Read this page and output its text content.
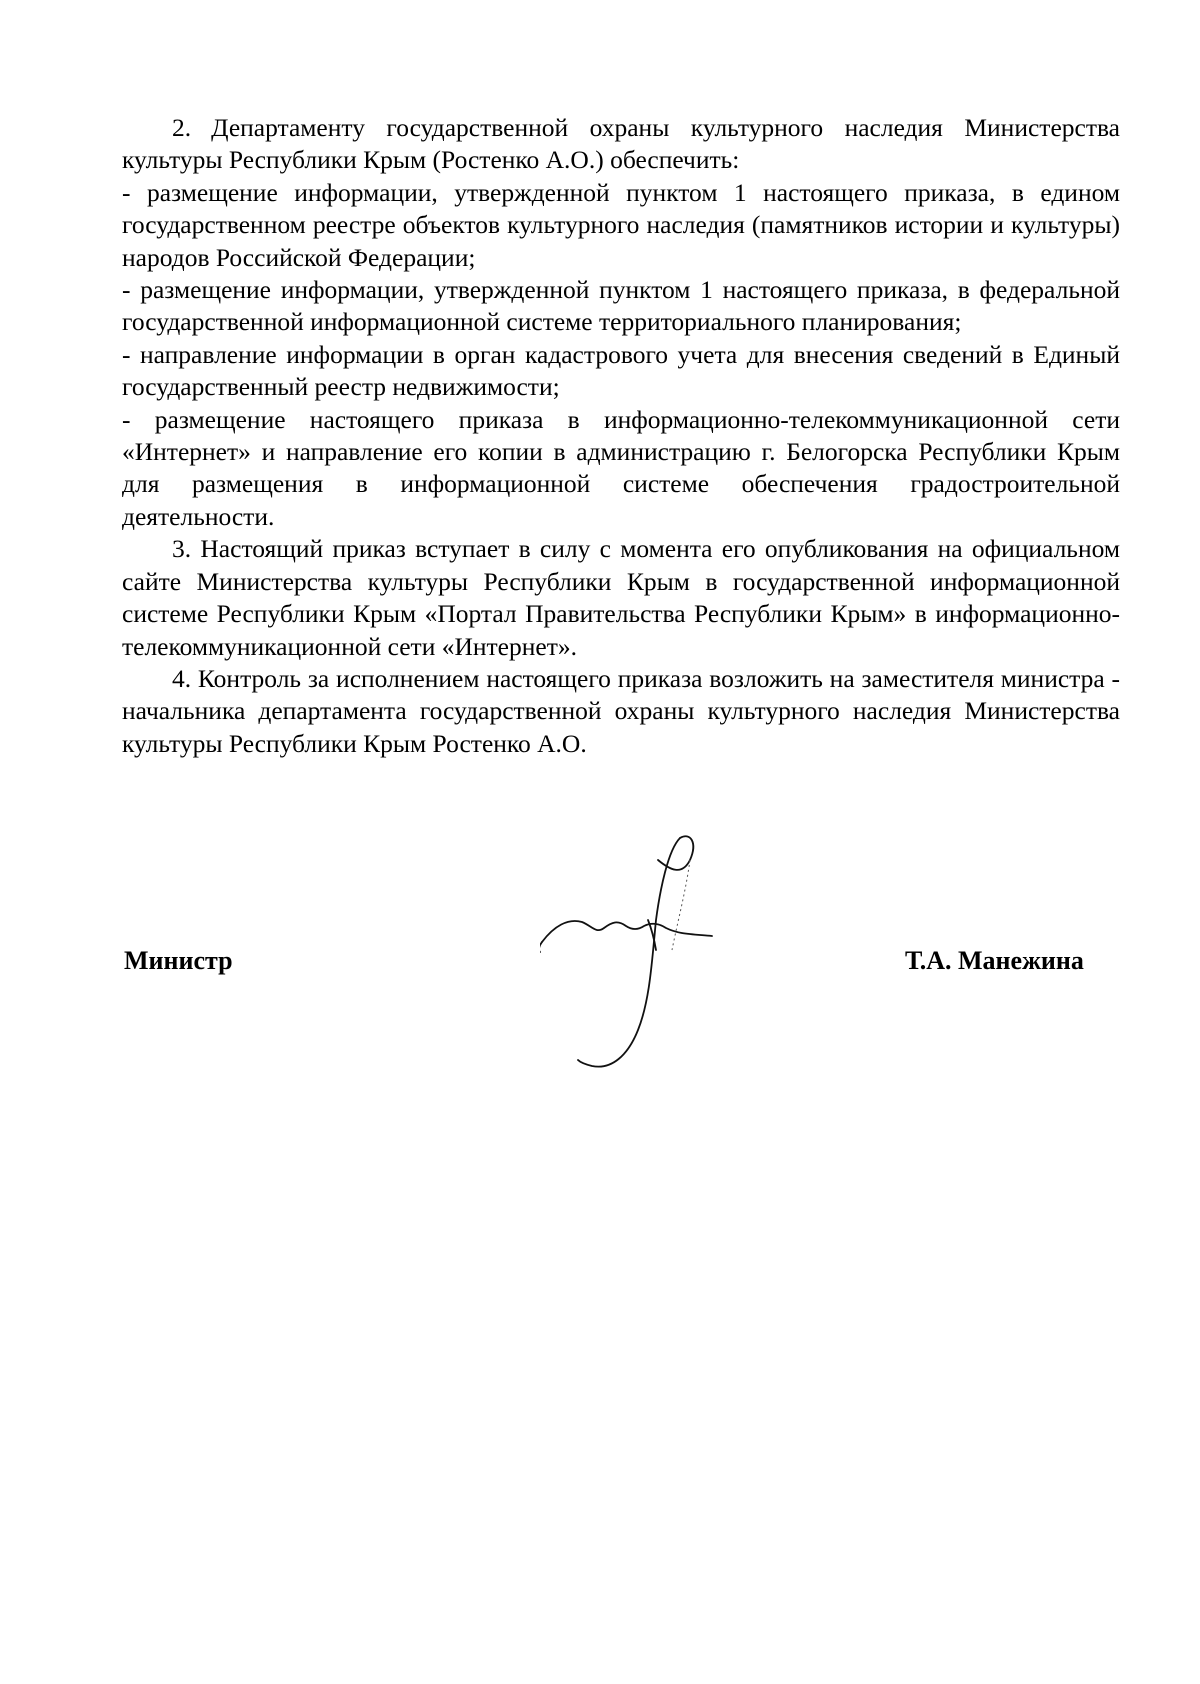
2. Департаменту государственной охраны культурного наследия Министерства культуры Республики Крым (Ростенко А.О.) обеспечить:

- размещение информации, утвержденной пунктом 1 настоящего приказа, в едином государственном реестре объектов культурного наследия (памятников истории и культуры) народов Российской Федерации;

- размещение информации, утвержденной пунктом 1 настоящего приказа, в федеральной государственной информационной системе территориального планирования;

- направление информации в орган кадастрового учета для внесения сведений в Единый государственный реестр недвижимости;

- размещение настоящего приказа в информационно-телекоммуникационной сети «Интернет» и направление его копии в администрацию г. Белогорска Республики Крым для размещения в информационной системе обеспечения градостроительной деятельности.

3. Настоящий приказ вступает в силу с момента его опубликования на официальном сайте Министерства культуры Республики Крым в государственной информационной системе Республики Крым «Портал Правительства Республики Крым» в информационно-телекоммуникационной сети «Интернет».

4. Контроль за исполнением настоящего приказа возложить на заместителя министра - начальника департамента государственной охраны культурного наследия Министерства культуры Республики Крым Ростенко А.О.

Министр	Т.А. Манежина
